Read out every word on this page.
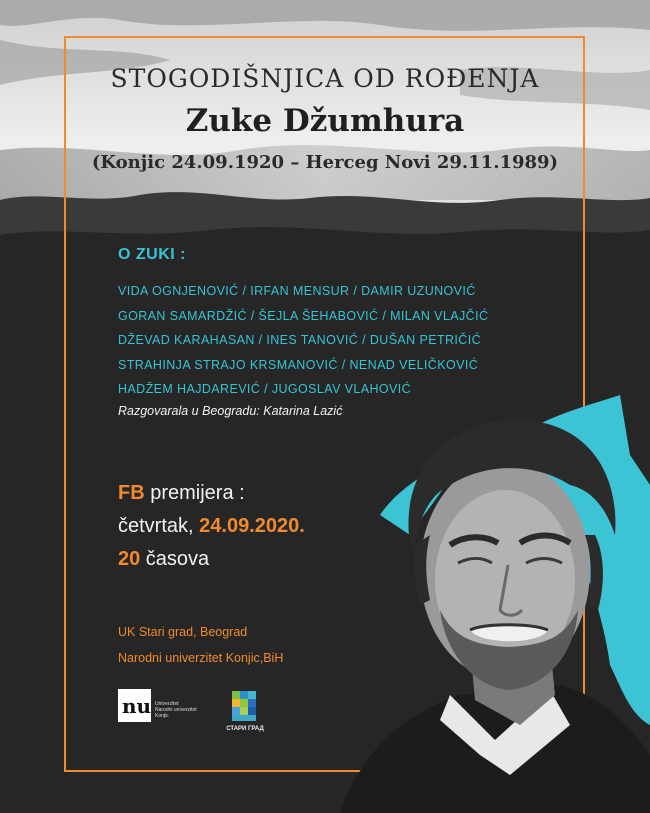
STOGODIŠNJICA OD ROĐENJA
Zuke Džumhura
(Konjic 24.09.1920 – Herceg Novi 29.11.1989)
O ZUKI :
VIDA OGNJENOVIĆ / IRFAN MENSUR / DAMIR UZUNOVIĆ
GORAN SAMARDŽIĆ / ŠEJLA ŠEHABOVIĆ / MILAN VLAJČIĆ
DŽEVAD KARAHASAN / INES TANOVIĆ / DUŠAN PETRIČIĆ
STRAHINJA STRAJO KRSMANOVIĆ / NENAD VELIČKOVIĆ
HADŽEM HAJDAREVIĆ / JUGOSLAV VLAHOVIĆ
Razgovarala u Beogradu: Katarina Lazić
FB premijera :
četvrtak, 24.09.2020.
20 časova
UK Stari grad, Beograd
Narodni univerzitet Konjic,BiH
nu Univerzitet
Narodni univerzitet
Konjic
СТАРИ ГРАД
